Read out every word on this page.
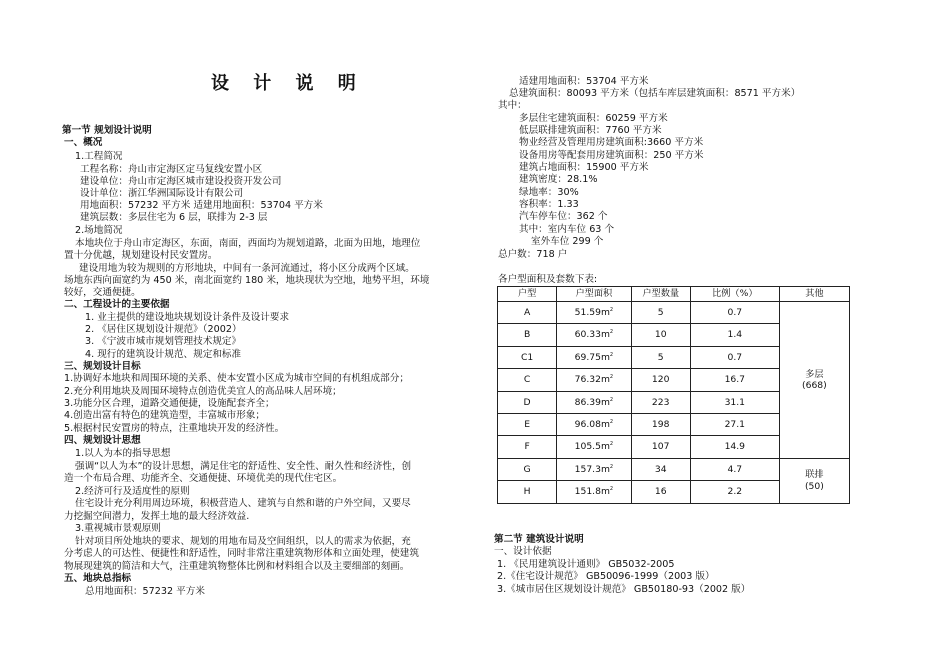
设 计 说 明
第一节 规划设计说明
一、概况
1.工程简况
工程名称：舟山市定海区定马复线安置小区
建设单位：舟山市定海区城市建设投资开发公司
设计单位：浙江华洲国际设计有限公司
用地面积：57232 平方米 适建用地面积：53704 平方米
建筑层数：多层住宅为 6 层，联排为 2-3 层
2.场地简况
本地块位于舟山市定海区，东面，南面，西面均为规划道路，北面为田地，地理位
置十分优越，规划建设村民安置房。
建设用地为较为规则的方形地块，中间有一条河流通过，将小区分成两个区域。
场地东西向面宽约为 450 米，南北面宽约 180 米，地块现状为空地，地势平坦，环境
较好，交通便捷。
二、工程设计的主要依据
1. 业主提供的建设地块规划设计条件及设计要求
2. 《居住区规划设计规范》（2002）
3. 《宁波市城市规划管理技术规定》
4. 现行的建筑设计规范、规定和标准
三、规划设计目标
1.协调好本地块和周围环境的关系、使本安置小区成为城市空间的有机组成部分；
2.充分利用地块及周围环境特点创造优美宜人的高品味人居环境；
3.功能分区合理，道路交通便捷，设施配套齐全；
4.创造出富有特色的建筑造型，丰富城市形象；
5.根据村民安置房的特点，注重地块开发的经济性。
四、规划设计思想
1.以人为本的指导思想
强调“以人为本”的设计思想，满足住宅的舒适性、安全性、耐久性和经济性，创
造一个布局合理、功能齐全、交通便捷、环境优美的现代住宅区。
2.经济可行及适度性的原则
住宅设计充分利用周边环境，积极营造人、建筑与自然和谐的户外空间，又要尽
力挖掘空间潜力，发挥土地的最大经济效益.
3.重视城市景观原则
针对项目所处地块的要求、规划的用地布局及空间组织，以人的需求为依据，充
分考虑人的可达性、便捷性和舒适性，同时非常注重建筑物形体和立面处理，使建筑
物展现建筑的简洁和大气，注重建筑物整体比例和材料组合以及主要细部的刻画。
五、地块总指标
总用地面积：57232 平方米
适建用地面积：53704 平方米
总建筑面积：80093 平方米（包括车库层建筑面积：8571 平方米）
其中：
多层住宅建筑面积：60259 平方米
低层联排建筑面积：7760 平方米
物业经营及管理用房建筑面积:3660 平方米
设备用房等配套用房建筑面积：250 平方米
建筑占地面积：15900 平方米
建筑密度：28.1%
绿地率：30%
容积率：1.33
汽车停车位：362 个
其中：室内车位 63 个
室外车位 299 个
总户数：718 户
各户型面积及套数下表:
户型	户型面积	户型数量	比例（%）	其他
A	$51.59m^2$	5	0.7	多层
(668)

B	$60.33m^2$	10	1.4	
C1	$69.75m^2$	5	0.7	
C	$76.32m^2$	120	16.7	
D	$86.39m^2$	223	31.1	
E	$96.08m^2$	198	27.1	
F	$105.5m^2$	107	14.9	
G	$157.3m^2$	34	4.7	联排
(50)

H	$151.8m^2$	16	2.2	
第二节 建筑设计说明
一、设计依据
1. 《民用建筑设计通则》 GB5032-2005
2.《住宅设计规范》 GB50096-1999（2003 版）
3.《城市居住区规划设计规范》 GB50180-93（2002 版）
